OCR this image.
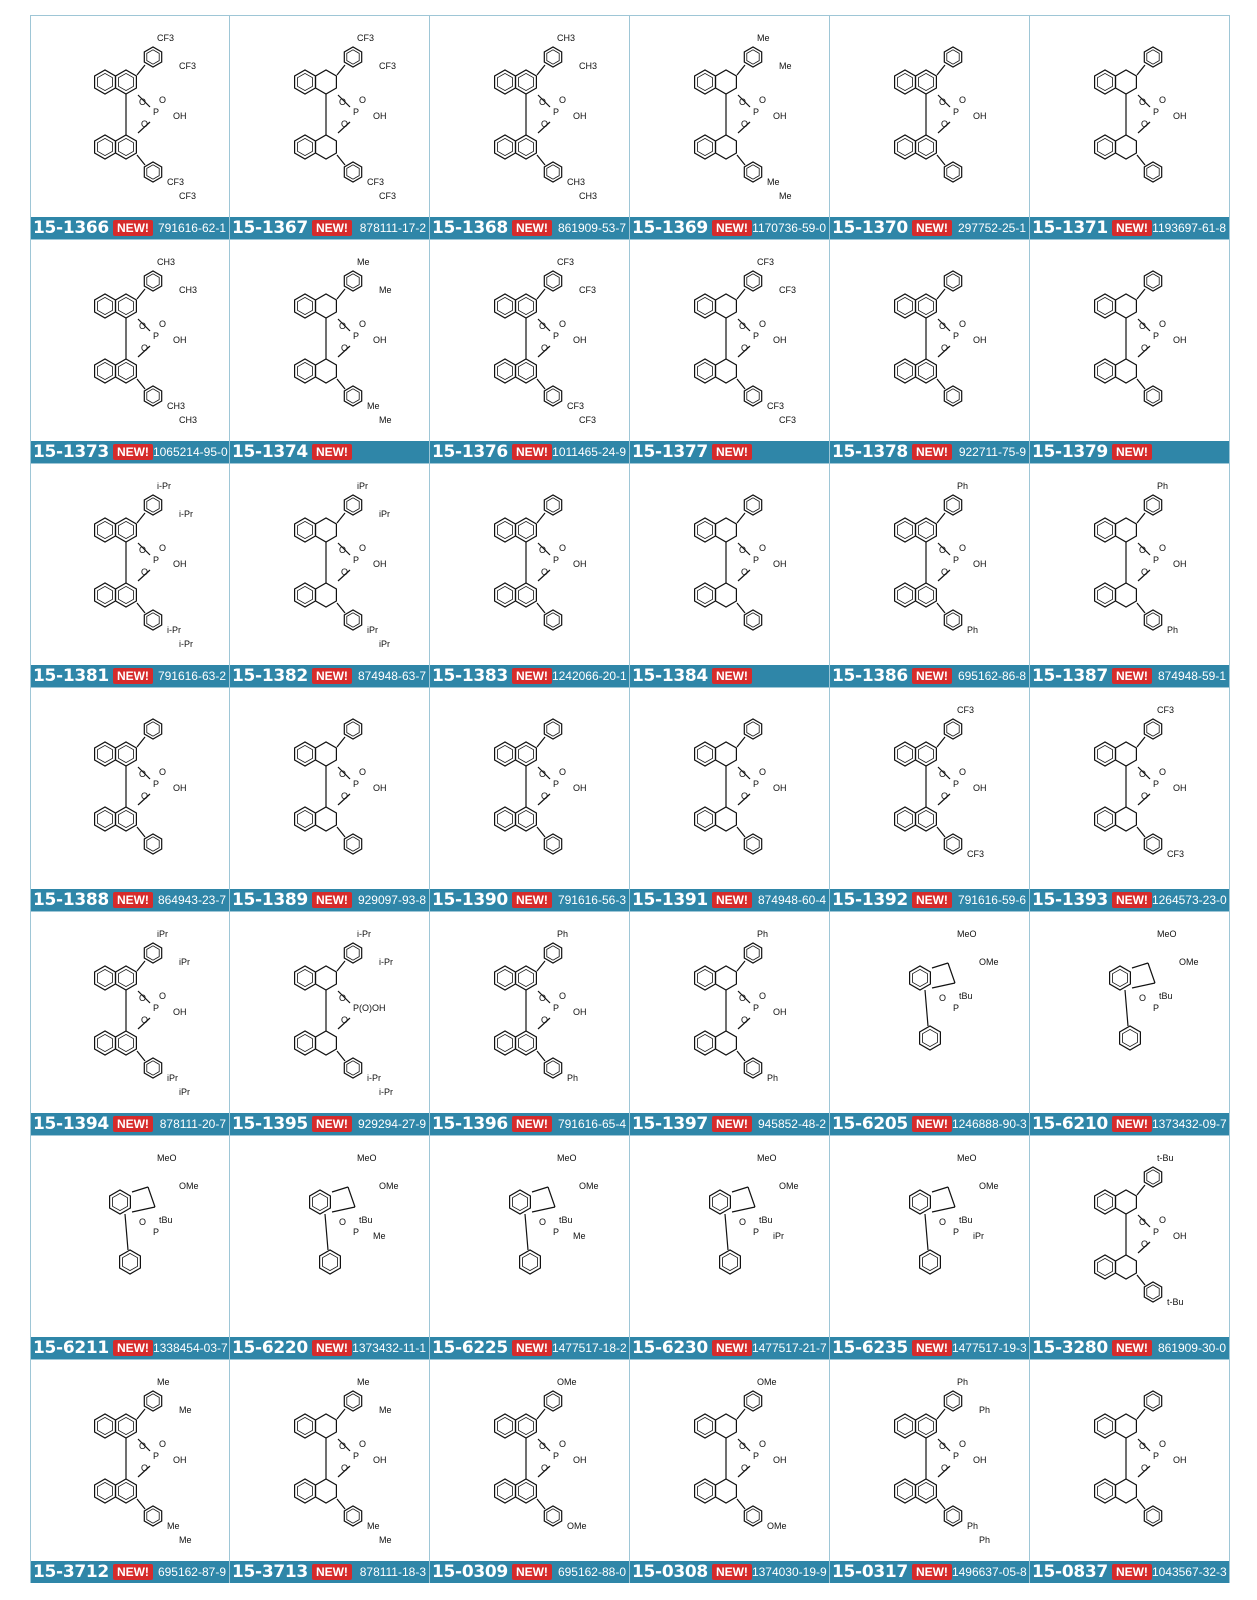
CF3
CF3
O
P
O
OH
O
CF3
CF3
15-1366 NEW! 791616-62-1
CF3
CF3
O
P
O
OH
O
CF3
CF3
15-1367 NEW! 878111-17-2
CH3
CH3
O
P
O
OH
O
CH3
CH3
15-1368 NEW! 861909-53-7
Me
Me
O
P
O
OH
O
Me
Me
15-1369 NEW! 1170736-59-0
O
P
O
OH
O
15-1370 NEW! 297752-25-1
O
P
O
OH
O
15-1371 NEW! 1193697-61-8
CH3
CH3
O
P
O
OH
O
CH3
CH3
15-1373 NEW! 1065214-95-0
Me
Me
O
P
O
OH
O
Me
Me
15-1374 NEW!
CF3
CF3
O
P
O
OH
O
CF3
CF3
15-1376 NEW! 1011465-24-9
CF3
CF3
O
P
O
OH
O
CF3
CF3
15-1377 NEW!
O
P
O
OH
O
15-1378 NEW! 922711-75-9
O
P
O
OH
O
15-1379 NEW!
i-Pr
i-Pr
O
P
O
OH
O
i-Pr
i-Pr
15-1381 NEW! 791616-63-2
iPr
iPr
O
P
O
OH
O
iPr
iPr
15-1382 NEW! 874948-63-7
O
P
O
OH
O
15-1383 NEW! 1242066-20-1
O
P
O
OH
O
15-1384 NEW!
Ph
O
P
O
OH
O
Ph
15-1386 NEW! 695162-86-8
Ph
O
P
O
OH
O
Ph
15-1387 NEW! 874948-59-1
O
P
O
OH
O
15-1388 NEW! 864943-23-7
O
P
O
OH
O
15-1389 NEW! 929097-93-8
O
P
O
OH
O
15-1390 NEW! 791616-56-3
O
P
O
OH
O
15-1391 NEW! 874948-60-4
CF3
O
P
O
OH
O
CF3
15-1392 NEW! 791616-59-6
CF3
O
P
O
OH
O
CF3
15-1393 NEW! 1264573-23-0
iPr
iPr
O
P
O
OH
O
iPr
iPr
15-1394 NEW! 878111-20-7
i-Pr
i-Pr
O
P(O)OH
O
i-Pr
i-Pr
15-1395 NEW! 929294-27-9
Ph
O
P
O
OH
O
Ph
15-1396 NEW! 791616-65-4
Ph
O
P
O
OH
O
Ph
15-1397 NEW! 945852-48-2
MeO
OMe
O
P
tBu
15-6205 NEW! 1246888-90-3
MeO
OMe
O
P
tBu
15-6210 NEW! 1373432-09-7
MeO
OMe
O
P
tBu
15-6211 NEW! 1338454-03-7
MeO
OMe
O
P
tBu
Me
15-6220 NEW! 1373432-11-1
MeO
OMe
O
P
tBu
Me
15-6225 NEW! 1477517-18-2
MeO
OMe
O
P
tBu
iPr
15-6230 NEW! 1477517-21-7
MeO
OMe
O
P
tBu
iPr
15-6235 NEW! 1477517-19-3
t-Bu
O
P
O
OH
O
t-Bu
15-3280 NEW! 861909-30-0
Me
Me
O
P
O
OH
O
Me
Me
15-3712 NEW! 695162-87-9
Me
Me
O
P
O
OH
O
Me
Me
15-3713 NEW! 878111-18-3
OMe
O
P
O
OH
O
OMe
15-0309 NEW! 695162-88-0
OMe
O
P
O
OH
O
OMe
15-0308 NEW! 1374030-19-9
Ph
Ph
O
P
O
OH
O
Ph
Ph
15-0317 NEW! 1496637-05-8
O
P
O
OH
O
15-0837 NEW! 1043567-32-3
